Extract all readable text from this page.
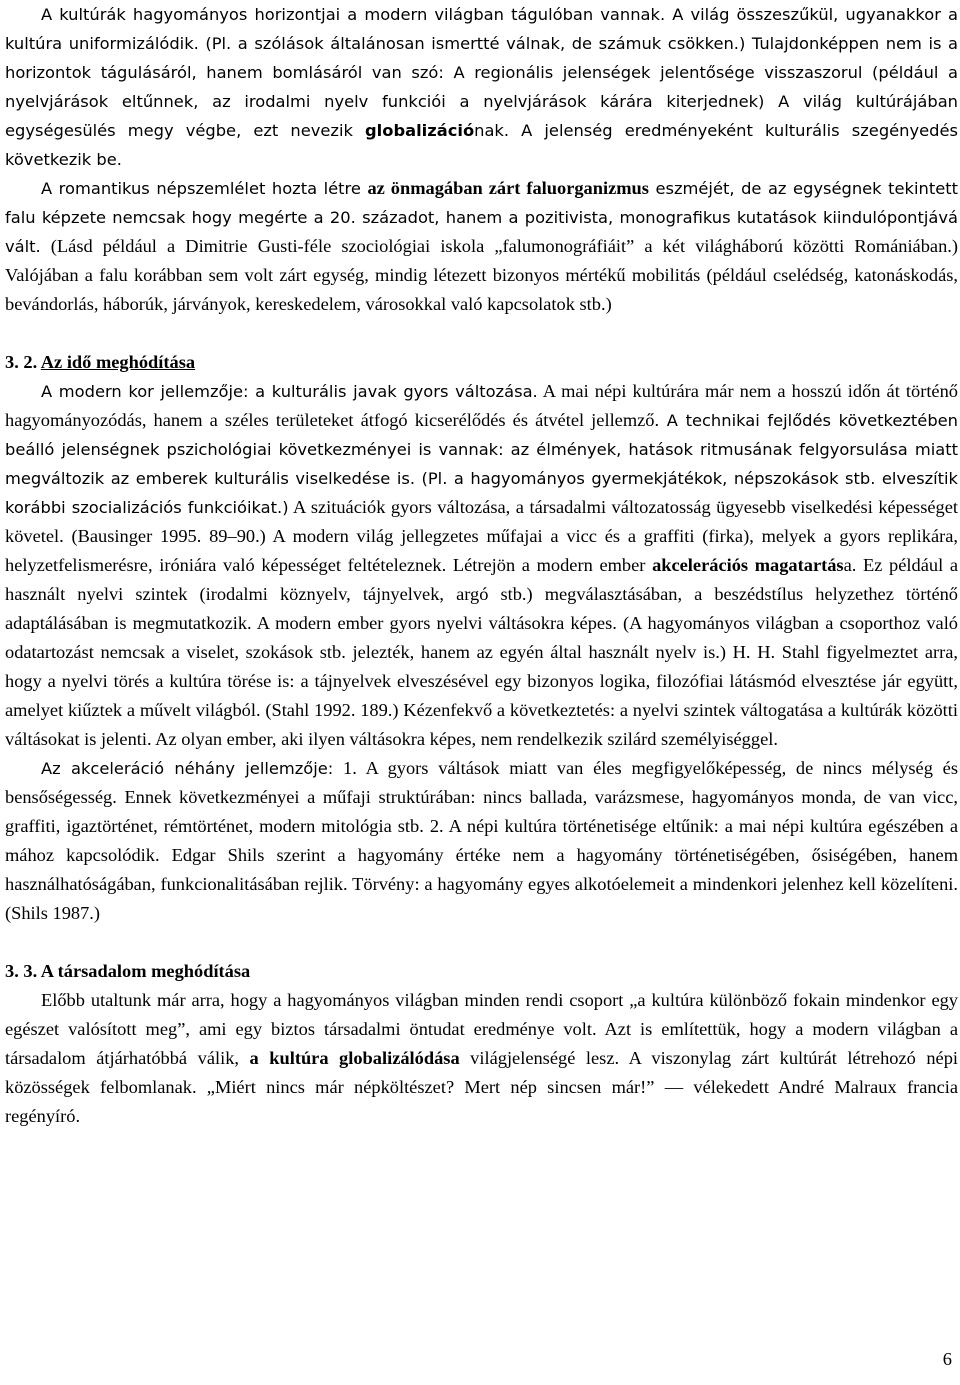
A kultúrák hagyományos horizontjai a modern világban tágulóban vannak. A világ összeszűkül, ugyanakkor a kultúra uniformizálódik. (Pl. a szólások általánosan ismertté válnak, de számuk csökken.) Tulajdonképpen nem is a horizontok tágulásáról, hanem bomlásáról van szó: A regionális jelenségek jelentősége visszaszorul (például a nyelvjárások eltűnnek, az irodalmi nyelv funkciói a nyelvjárások kárára kiterjednek) A világ kultúrájában egységesülés megy végbe, ezt nevezik globalizációnak. A jelenség eredményeként kulturális szegényedés következik be.

A romantikus népszemlélet hozta létre az önmagában zárt faluorganizmus eszméjét, de az egységnek tekintett falu képzete nemcsak hogy megérte a 20. századot, hanem a pozitivista, monografikus kutatások kiindulópontjává vált. (Lásd például a Dimitrie Gusti-féle szociológiai iskola „falumonográfiáit” a két világháború közötti Romániában.) Valójában a falu korábban sem volt zárt egység, mindig létezett bizonyos mértékű mobilitás (például cselédség, katonáskodás, bevándorlás, háborúk, járványok, kereskedelem, városokkal való kapcsolatok stb.)

3. 2. Az idő meghódítása

A modern kor jellemzője: a kulturális javak gyors változása. A mai népi kultúrára már nem a hosszú időn át történő hagyományozódás, hanem a széles területeket átfogó kicserélődés és átvétel jellemző. A technikai fejlődés következtében beálló jelenségnek pszichológiai következményei is vannak: az élmények, hatások ritmusának felgyorsulása miatt megváltozik az emberek kulturális viselkedése is. (Pl. a hagyományos gyermekjátékok, népszokások stb. elveszítik korábbi szocializációs funkcióikat.) A szituációk gyors változása, a társadalmi változatosság ügyesebb viselkedési képességet követel. (Bausinger 1995. 89–90.) A modern világ jellegzetes műfajai a vicc és a graffiti (firka), melyek a gyors replikára, helyzetfelismerésre, iróniára való képességet feltételeznek. Létrejön a modern ember akcelerációs magatartása. Ez például a használt nyelvi szintek (irodalmi köznyelv, tájnyelvek, argó stb.) megválasztásában, a beszédstílus helyzethez történő adaptálásában is megmutatkozik. A modern ember gyors nyelvi váltásokra képes. (A hagyományos világban a csoporthoz való odatartozást nemcsak a viselet, szokások stb. jelezték, hanem az egyén által használt nyelv is.) H. H. Stahl figyelmeztet arra, hogy a nyelvi törés a kultúra törése is: a tájnyelvek elveszésével egy bizonyos logika, filozófiai látásmód elvesztése jár együtt, amelyet kiűztek a művelt világból. (Stahl 1992. 189.) Kézenfekvő a következtetés: a nyelvi szintek váltogatása a kultúrák közötti váltásokat is jelenti. Az olyan ember, aki ilyen váltásokra képes, nem rendelkezik szilárd személyiséggel.

Az akceleráció néhány jellemzője: 1. A gyors váltások miatt van éles megfigyelőképesség, de nincs mélység és bensőségesség. Ennek következményei a műfaji struktúrában: nincs ballada, varázsmese, hagyományos monda, de van vicc, graffiti, igaztörténet, rémtörténet, modern mitológia stb. 2. A népi kultúra történetisége eltűnik: a mai népi kultúra egészében a mához kapcsolódik. Edgar Shils szerint a hagyomány értéke nem a hagyomány történetiségében, ősiségében, hanem használhatóságában, funkcionalitásában rejlik. Törvény: a hagyomány egyes alkotóelemeit a mindenkori jelenhez kell közelíteni. (Shils 1987.)

3. 3. A társadalom meghódítása

Előbb utaltunk már arra, hogy a hagyományos világban minden rendi csoport „a kultúra különböző fokain mindenkor egy egészet valósított meg”, ami egy biztos társadalmi öntudat eredménye volt. Azt is említettük, hogy a modern világban a társadalom átjárhatóbbá válik, a kultúra globalizálódása világjelenségé lesz. A viszonylag zárt kultúrát létrehozó népi közösségek felbomlanak. „Miért nincs már népköltészet? Mert nép sincsen már!” — vélekedett André Malraux francia regényíró.

6
